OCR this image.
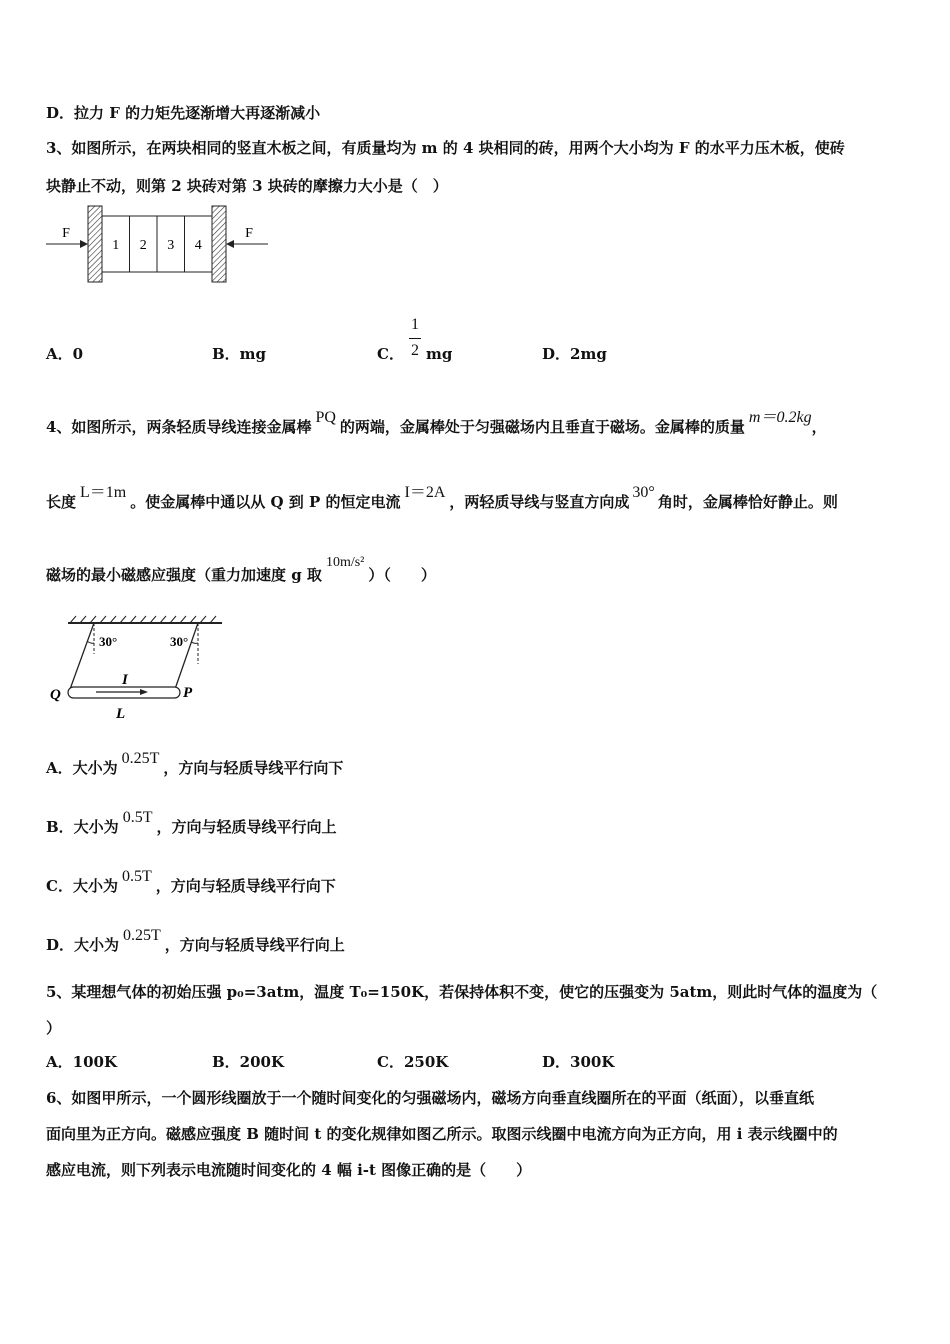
D．拉力 F 的力矩先逐渐增大再逐渐减小
3、如图所示，在两块相同的竖直木板之间，有质量均为 m 的 4 块相同的砖，用两个大小均为 F 的水平力压木板，使砖
块静止不动，则第 2 块砖对第 3 块砖的摩擦力大小是（　）
1 2 3 4
F	F
A．0	B．mg	C． mg
1
2	D．2mg
4、如图所示，两条轻质导线连接金属棒PQ的两端，金属棒处于匀强磁场内且垂直于磁场。金属棒的质量m＝0.2kg，
长度L＝1m。使金属棒中通以从 Q 到 P 的恒定电流I＝2A，两轻质导线与竖直方向成30°角时，金属棒恰好静止。则
磁场的最小磁感应强度（重力加速度 g 取10m/s²）（　　）
30°	30°
I
Q	P
L
A．大小为0.25T，方向与轻质导线平行向下
B．大小为0.5T，方向与轻质导线平行向上
C．大小为0.5T，方向与轻质导线平行向下
D．大小为0.25T，方向与轻质导线平行向上
5、某理想气体的初始压强 p₀=3atm，温度 T₀=150K，若保持体积不变，使它的压强变为 5atm，则此时气体的温度为（
）
A．100K	B．200K	C．250K	D．300K
6、如图甲所示，一个圆形线圈放于一个随时间变化的匀强磁场内，磁场方向垂直线圈所在的平面（纸面），以垂直纸
面向里为正方向。磁感应强度 B 随时间 t 的变化规律如图乙所示。取图示线圈中电流方向为正方向，用 i 表示线圈中的
感应电流，则下列表示电流随时间变化的 4 幅 i-t 图像正确的是（　　）
